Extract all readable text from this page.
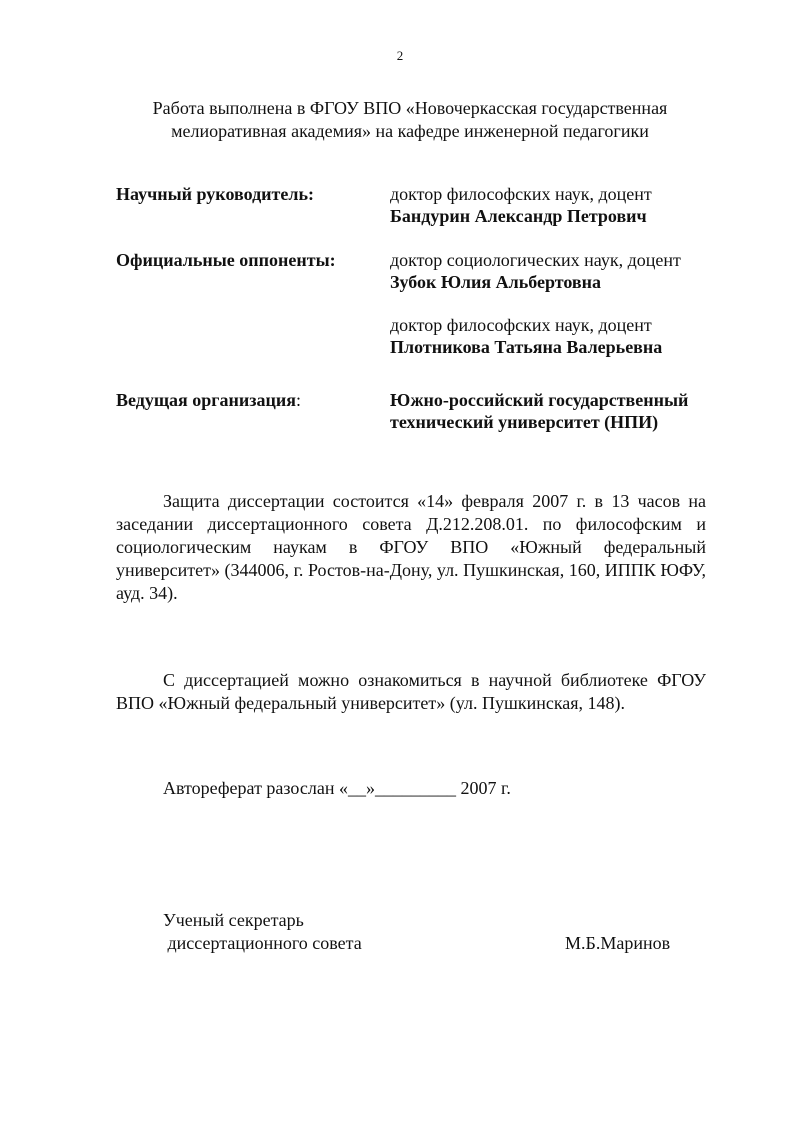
2
Работа выполнена в ФГОУ ВПО «Новочеркасская государственная
мелиоративная академия» на кафедре инженерной педагогики
Научный руководитель:	доктор философских наук, доцент
Бандурин Александр Петрович
Официальные оппоненты:	доктор социологических наук, доцент
Зубок Юлия Альбертовна
доктор философских наук, доцент
Плотникова Татьяна Валерьевна
Ведущая организация:	Южно-российский государственный
технический университет (НПИ)
Защита диссертации состоится «14» февраля 2007 г. в 13 часов на заседании диссертационного совета Д.212.208.01. по философским и социологическим наукам в ФГОУ ВПО «Южный федеральный университет» (344006, г. Ростов-на-Дону, ул. Пушкинская, 160, ИППК ЮФУ, ауд. 34).
С диссертацией можно ознакомиться в научной библиотеке ФГОУ ВПО «Южный федеральный университет» (ул. Пушкинская, 148).
Автореферат разослан «__»_________ 2007 г.
Ученый секретарь
диссертационного совета	М.Б.Маринов
